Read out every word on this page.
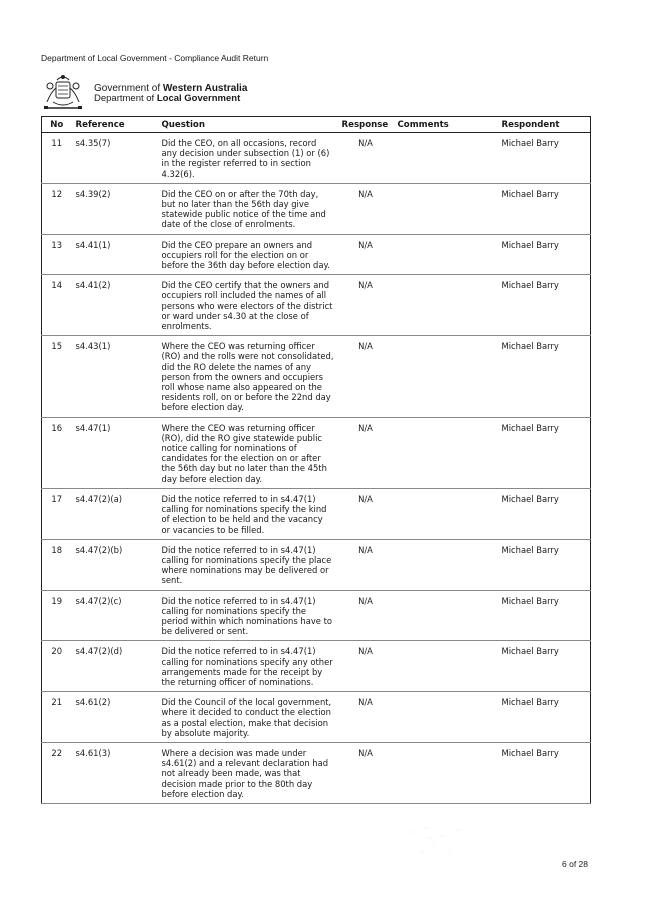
Department of Local Government - Compliance Audit Return
Government of Western Australia
Department of Local Government
No	Reference	Question	Response	Comments	Respondent
11	s4.35(7)	Did the CEO, on all occasions, record any decision under subsection (1) or (6) in the register referred to in section 4.32(6).	N/A		Michael Barry
12	s4.39(2)	Did the CEO on or after the 70th day, but no later than the 56th day give statewide public notice of the time and date of the close of enrolments.	N/A		Michael Barry
13	s4.41(1)	Did the CEO prepare an owners and occupiers roll for the election on or before the 36th day before election day.	N/A		Michael Barry
14	s4.41(2)	Did the CEO certify that the owners and occupiers roll included the names of all persons who were electors of the district or ward under s4.30 at the close of enrolments.	N/A		Michael Barry
15	s4.43(1)	Where the CEO was returning officer (RO) and the rolls were not consolidated, did the RO delete the names of any person from the owners and occupiers roll whose name also appeared on the residents roll, on or before the 22nd day before election day.	N/A		Michael Barry
16	s4.47(1)	Where the CEO was returning officer (RO), did the RO give statewide public notice calling for nominations of candidates for the election on or after the 56th day but no later than the 45th day before election day.	N/A		Michael Barry
17	s4.47(2)(a)	Did the notice referred to in s4.47(1) calling for nominations specify the kind of election to be held and the vacancy or vacancies to be filled.	N/A		Michael Barry
18	s4.47(2)(b)	Did the notice referred to in s4.47(1) calling for nominations specify the place where nominations may be delivered or sent.	N/A		Michael Barry
19	s4.47(2)(c)	Did the notice referred to in s4.47(1) calling for nominations specify the period within which nominations have to be delivered or sent.	N/A		Michael Barry
20	s4.47(2)(d)	Did the notice referred to in s4.47(1) calling for nominations specify any other arrangements made for the receipt by the returning officer of nominations.	N/A		Michael Barry
21	s4.61(2)	Did the Council of the local government, where it decided to conduct the election as a postal election, make that decision by absolute majority.	N/A		Michael Barry
22	s4.61(3)	Where a decision was made under s4.61(2) and a relevant declaration had not already been made, was that decision made prior to the 80th day before election day.	N/A		Michael Barry
6 of 28
